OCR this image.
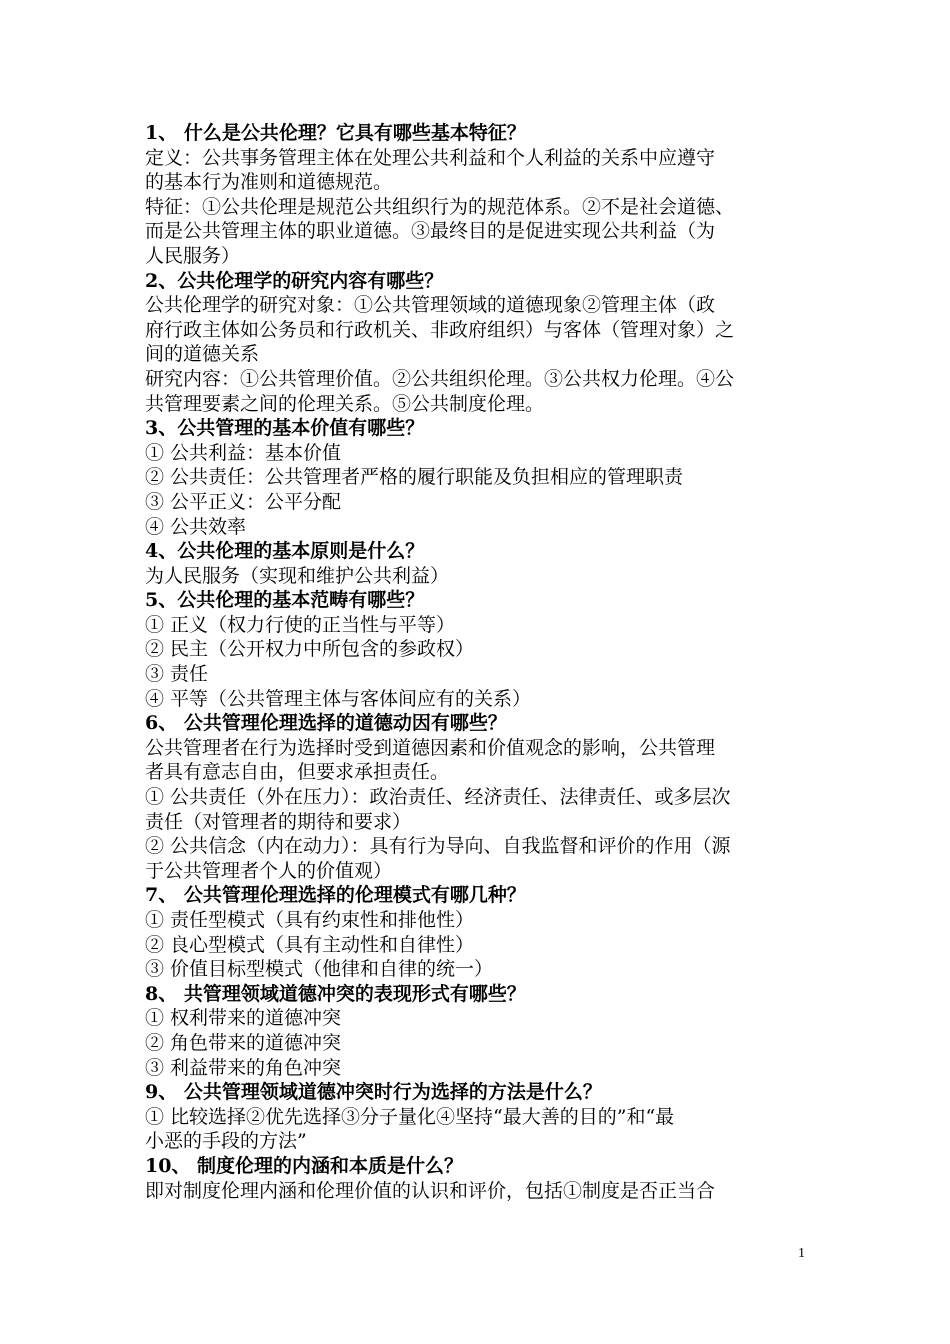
1、 什么是公共伦理？它具有哪些基本特征？
定义：公共事务管理主体在处理公共利益和个人利益的关系中应遵守
的基本行为准则和道德规范。
特征：①公共伦理是规范公共组织行为的规范体系。②不是社会道德、
而是公共管理主体的职业道德。③最终目的是促进实现公共利益（为
人民服务）
2、公共伦理学的研究内容有哪些？
公共伦理学的研究对象：①公共管理领域的道德现象②管理主体（政
府行政主体如公务员和行政机关、非政府组织）与客体（管理对象）之
间的道德关系
研究内容：①公共管理价值。②公共组织伦理。③公共权力伦理。④公
共管理要素之间的伦理关系。⑤公共制度伦理。
3、公共管理的基本价值有哪些？
① 公共利益：基本价值
② 公共责任：公共管理者严格的履行职能及负担相应的管理职责
③ 公平正义：公平分配
④ 公共效率
4、公共伦理的基本原则是什么？
为人民服务（实现和维护公共利益）
5、公共伦理的基本范畴有哪些？
① 正义（权力行使的正当性与平等）
② 民主（公开权力中所包含的参政权）
③ 责任
④ 平等（公共管理主体与客体间应有的关系）
6、 公共管理伦理选择的道德动因有哪些？
公共管理者在行为选择时受到道德因素和价值观念的影响，公共管理
者具有意志自由，但要求承担责任。
① 公共责任（外在压力）：政治责任、经济责任、法律责任、或多层次
责任（对管理者的期待和要求）
② 公共信念（内在动力）：具有行为导向、自我监督和评价的作用（源
于公共管理者个人的价值观）
7、 公共管理伦理选择的伦理模式有哪几种？
① 责任型模式（具有约束性和排他性）
② 良心型模式（具有主动性和自律性）
③ 价值目标型模式（他律和自律的统一）
8、 共管理领域道德冲突的表现形式有哪些？
① 权利带来的道德冲突
② 角色带来的道德冲突
③ 利益带来的角色冲突
9、 公共管理领域道德冲突时行为选择的方法是什么？
① 比较选择②优先选择③分子量化④坚持“最大善的目的”和“最
小恶的手段的方法”
10、 制度伦理的内涵和本质是什么？
即对制度伦理内涵和伦理价值的认识和评价，包括①制度是否正当合
1
